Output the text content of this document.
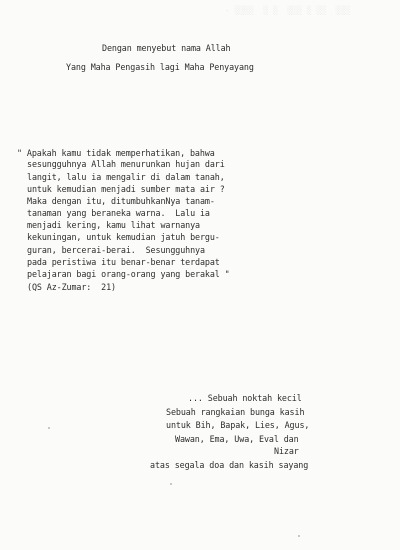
- ░░░░  ░ ░  ░░░ ░ ░░  ░░░

Dengan menyebut nama Allah

Yang Maha Pengasih lagi Maha Penyayang

" Apakah kamu tidak memperhatikan, bahwa

sesungguhnya Allah menurunkan hujan dari

langit, lalu ia mengalir di dalam tanah,

untuk kemudian menjadi sumber mata air ?

Maka dengan itu, ditumbuhkanNya tanam-

tanaman yang beraneka warna.  Lalu ia

menjadi kering, kamu lihat warnanya

kekuningan, untuk kemudian jatuh bergu-

guran, bercerai-berai.  Sesungguhnya

pada peristiwa itu benar-benar terdapat

pelajaran bagi orang-orang yang berakal "

(QS Az-Zumar:  21)

... Sebuah noktah kecil

Sebuah rangkaian bunga kasih

untuk Bih, Bapak, Lies, Agus,

Wawan, Ema, Uwa, Eval dan

Nizar

atas segala doa dan kasih sayang
